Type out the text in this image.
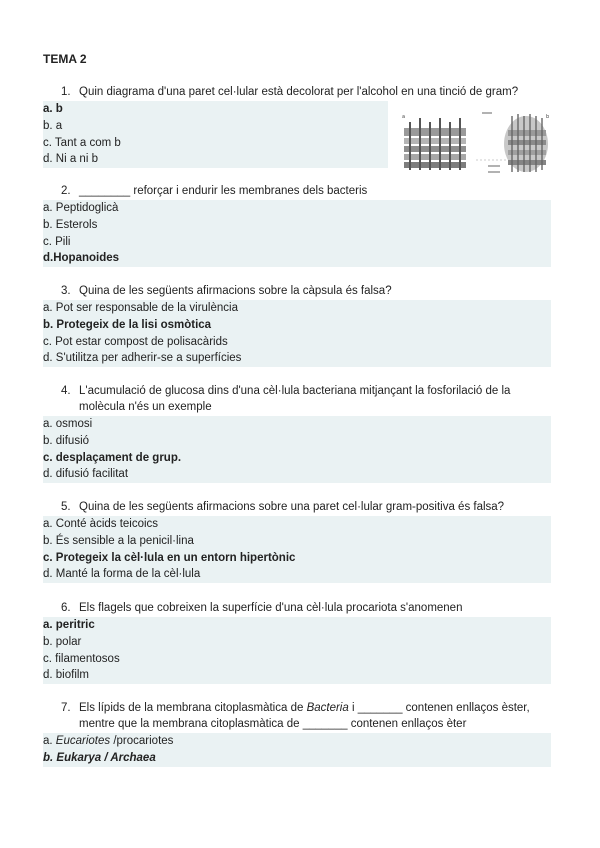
TEMA 2
1. Quin diagrama d'una paret cel·lular està decolorat per l'alcohol en una tinció de gram?
a. b
b. a
c. Tant a com b
d. Ni a ni b
a	b
2. ________ reforçar i endurir les membranes dels bacteris
a. Peptidoglicà
b. Esterols
c. Pili
d.Hopanoides
3. Quina de les següents afirmacions sobre la càpsula és falsa?
a. Pot ser responsable de la virulència
b. Protegeix de la lisi osmòtica
c. Pot estar compost de polisacàrids
d. S'utilitza per adherir-se a superfícies
4. L'acumulació de glucosa dins d'una cèl·lula bacteriana mitjançant la fosforilació de la
molècula n'és un exemple
a. osmosi
b. difusió
c. desplaçament de grup.
d. difusió facilitat
5. Quina de les següents afirmacions sobre una paret cel·lular gram-positiva és falsa?
a. Conté àcids teicoics
b. És sensible a la penicil·lina
c. Protegeix la cèl·lula en un entorn hipertònic
d. Manté la forma de la cèl·lula
6. Els flagels que cobreixen la superfície d'una cèl·lula procariota s'anomenen
a. peritric
b. polar
c. filamentosos
d. biofilm
7. Els lípids de la membrana citoplasmàtica de Bacteria i _______ contenen enllaços èster,
mentre que la membrana citoplasmàtica de _______ contenen enllaços èter
a. Eucariotes /procariotes
b. Eukarya / Archaea
